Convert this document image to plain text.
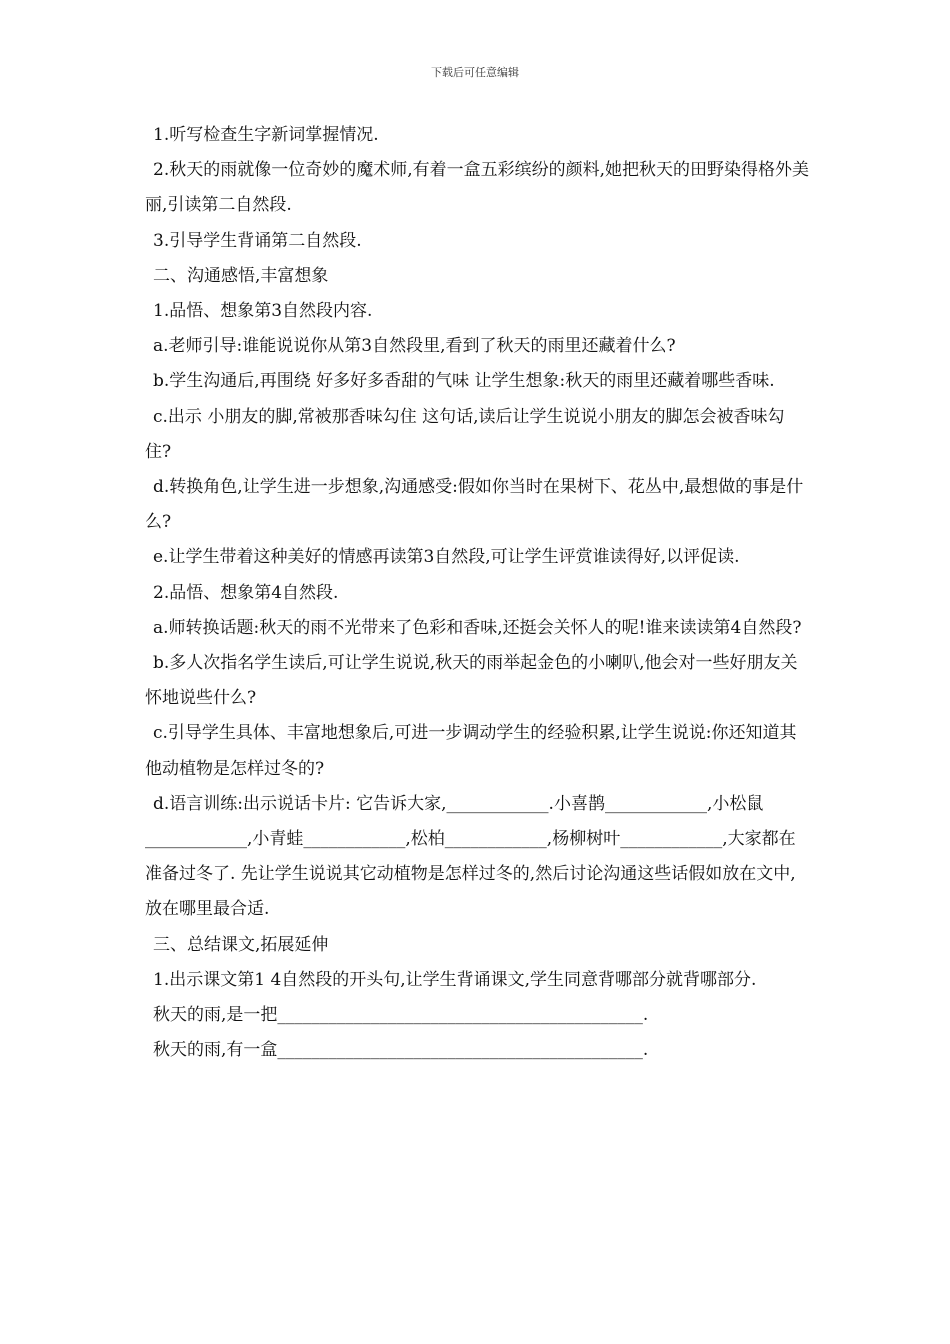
下载后可任意编辑

1.听写检查生字新词掌握情况.

2.秋天的雨就像一位奇妙的魔术师,有着一盒五彩缤纷的颜料,她把秋天的田野染得格外美丽,引读第二自然段.

3.引导学生背诵第二自然段.

二、沟通感悟,丰富想象

1.品悟、想象第3自然段内容.

a.老师引导:谁能说说你从第3自然段里,看到了秋天的雨里还藏着什么?

b.学生沟通后,再围绕 好多好多香甜的气味 让学生想象:秋天的雨里还藏着哪些香味.

c.出示 小朋友的脚,常被那香味勾住 这句话,读后让学生说说小朋友的脚怎会被香味勾住?

d.转换角色,让学生进一步想象,沟通感受:假如你当时在果树下、花丛中,最想做的事是什么?

e.让学生带着这种美好的情感再读第3自然段,可让学生评赏谁读得好,以评促读.

2.品悟、想象第4自然段.

a.师转换话题:秋天的雨不光带来了色彩和香味,还挺会关怀人的呢!谁来读读第4自然段?

b.多人次指名学生读后,可让学生说说,秋天的雨举起金色的小喇叭,他会对一些好朋友关怀地说些什么?

c.引导学生具体、丰富地想象后,可进一步调动学生的经验积累,让学生说说:你还知道其他动植物是怎样过冬的?

d.语言训练:出示说话卡片: 它告诉大家,____________.小喜鹊____________,小松鼠____________,小青蛙____________,松柏____________,杨柳树叶____________,大家都在准备过冬了. 先让学生说说其它动植物是怎样过冬的,然后讨论沟通这些话假如放在文中,放在哪里最合适.

三、总结课文,拓展延伸

1.出示课文第1 4自然段的开头句,让学生背诵课文,学生同意背哪部分就背哪部分.

秋天的雨,是一把___________________________________________.

秋天的雨,有一盒___________________________________________.
